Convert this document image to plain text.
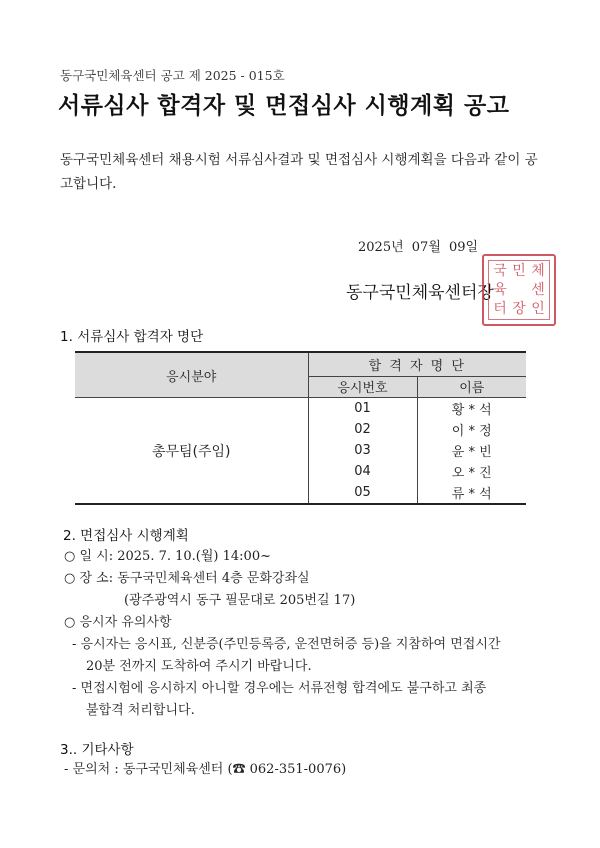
동구국민체육센터 공고 제 2025 - 015호
서류심사 합격자 및 면접심사 시행계획 공고
동구국민체육센터 채용시험 서류심사결과 및 면접심사 시행계획을 다음과 같이 공고합니다.
2025년 07월 09일
동구국민체육센터장
국 민 체
육 센
터 장 인
1. 서류심사 합격자 명단
응시분야	합 격 자 명 단	
	응시번호	이름
총무팀(주임)	01	황 * 석
	02	이 * 정
	03	윤 * 빈
	04	오 * 진
	05	류 * 석
2. 면접심사 시행계획
○ 일 시: 2025. 7. 10.(월) 14:00~
○ 장 소: 동구국민체육센터 4층 문화강좌실
(광주광역시 동구 필문대로 205번길 17)
○ 응시자 유의사항
- 응시자는 응시표, 신분증(주민등록증, 운전면허증 등)을 지참하여 면접시간
20분 전까지 도착하여 주시기 바랍니다.
- 면접시험에 응시하지 아니할 경우에는 서류전형 합격에도 불구하고 최종
불합격 처리합니다.
3.. 기타사항
- 문의처 : 동구국민체육센터 (☎ 062-351-0076)
